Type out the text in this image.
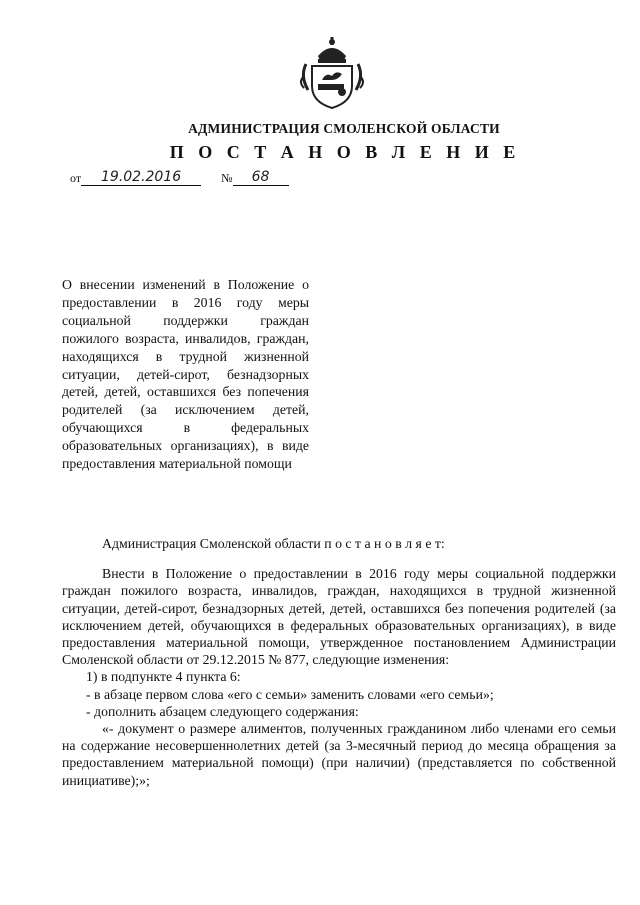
АДМИНИСТРАЦИЯ СМОЛЕНСКОЙ ОБЛАСТИ
П О С Т А Н О В Л Е Н И Е
от 19.02.2016	№ 68
О внесении изменений в Положение о предоставлении в 2016 году меры социальной поддержки граждан пожилого возраста, инвалидов, граждан, находящихся в трудной жизненной ситуации, детей-сирот, безнадзорных детей, детей, оставшихся без попечения родителей (за исключением детей, обучающихся в федеральных образовательных организациях), в виде предоставления материальной помощи
Администрация Смоленской области п о с т а н о в л я е т:

Внести в Положение о предоставлении в 2016 году меры социальной поддержки граждан пожилого возраста, инвалидов, граждан, находящихся в трудной жизненной ситуации, детей-сирот, безнадзорных детей, детей, оставшихся без попечения родителей (за исключением детей, обучающихся в федеральных образовательных организациях), в виде предоставления материальной помощи, утвержденное постановлением Администрации Смоленской области от 29.12.2015 № 877, следующие изменения:

1) в подпункте 4 пункта 6:
- в абзаце первом слова «его с семьи» заменить словами «его семьи»;
- дополнить абзацем следующего содержания:

«- документ о размере алиментов, полученных гражданином либо членами его семьи на содержание несовершеннолетних детей (за 3-месячный период до месяца обращения за предоставлением материальной помощи) (при наличии) (представляется по собственной инициативе);»;
